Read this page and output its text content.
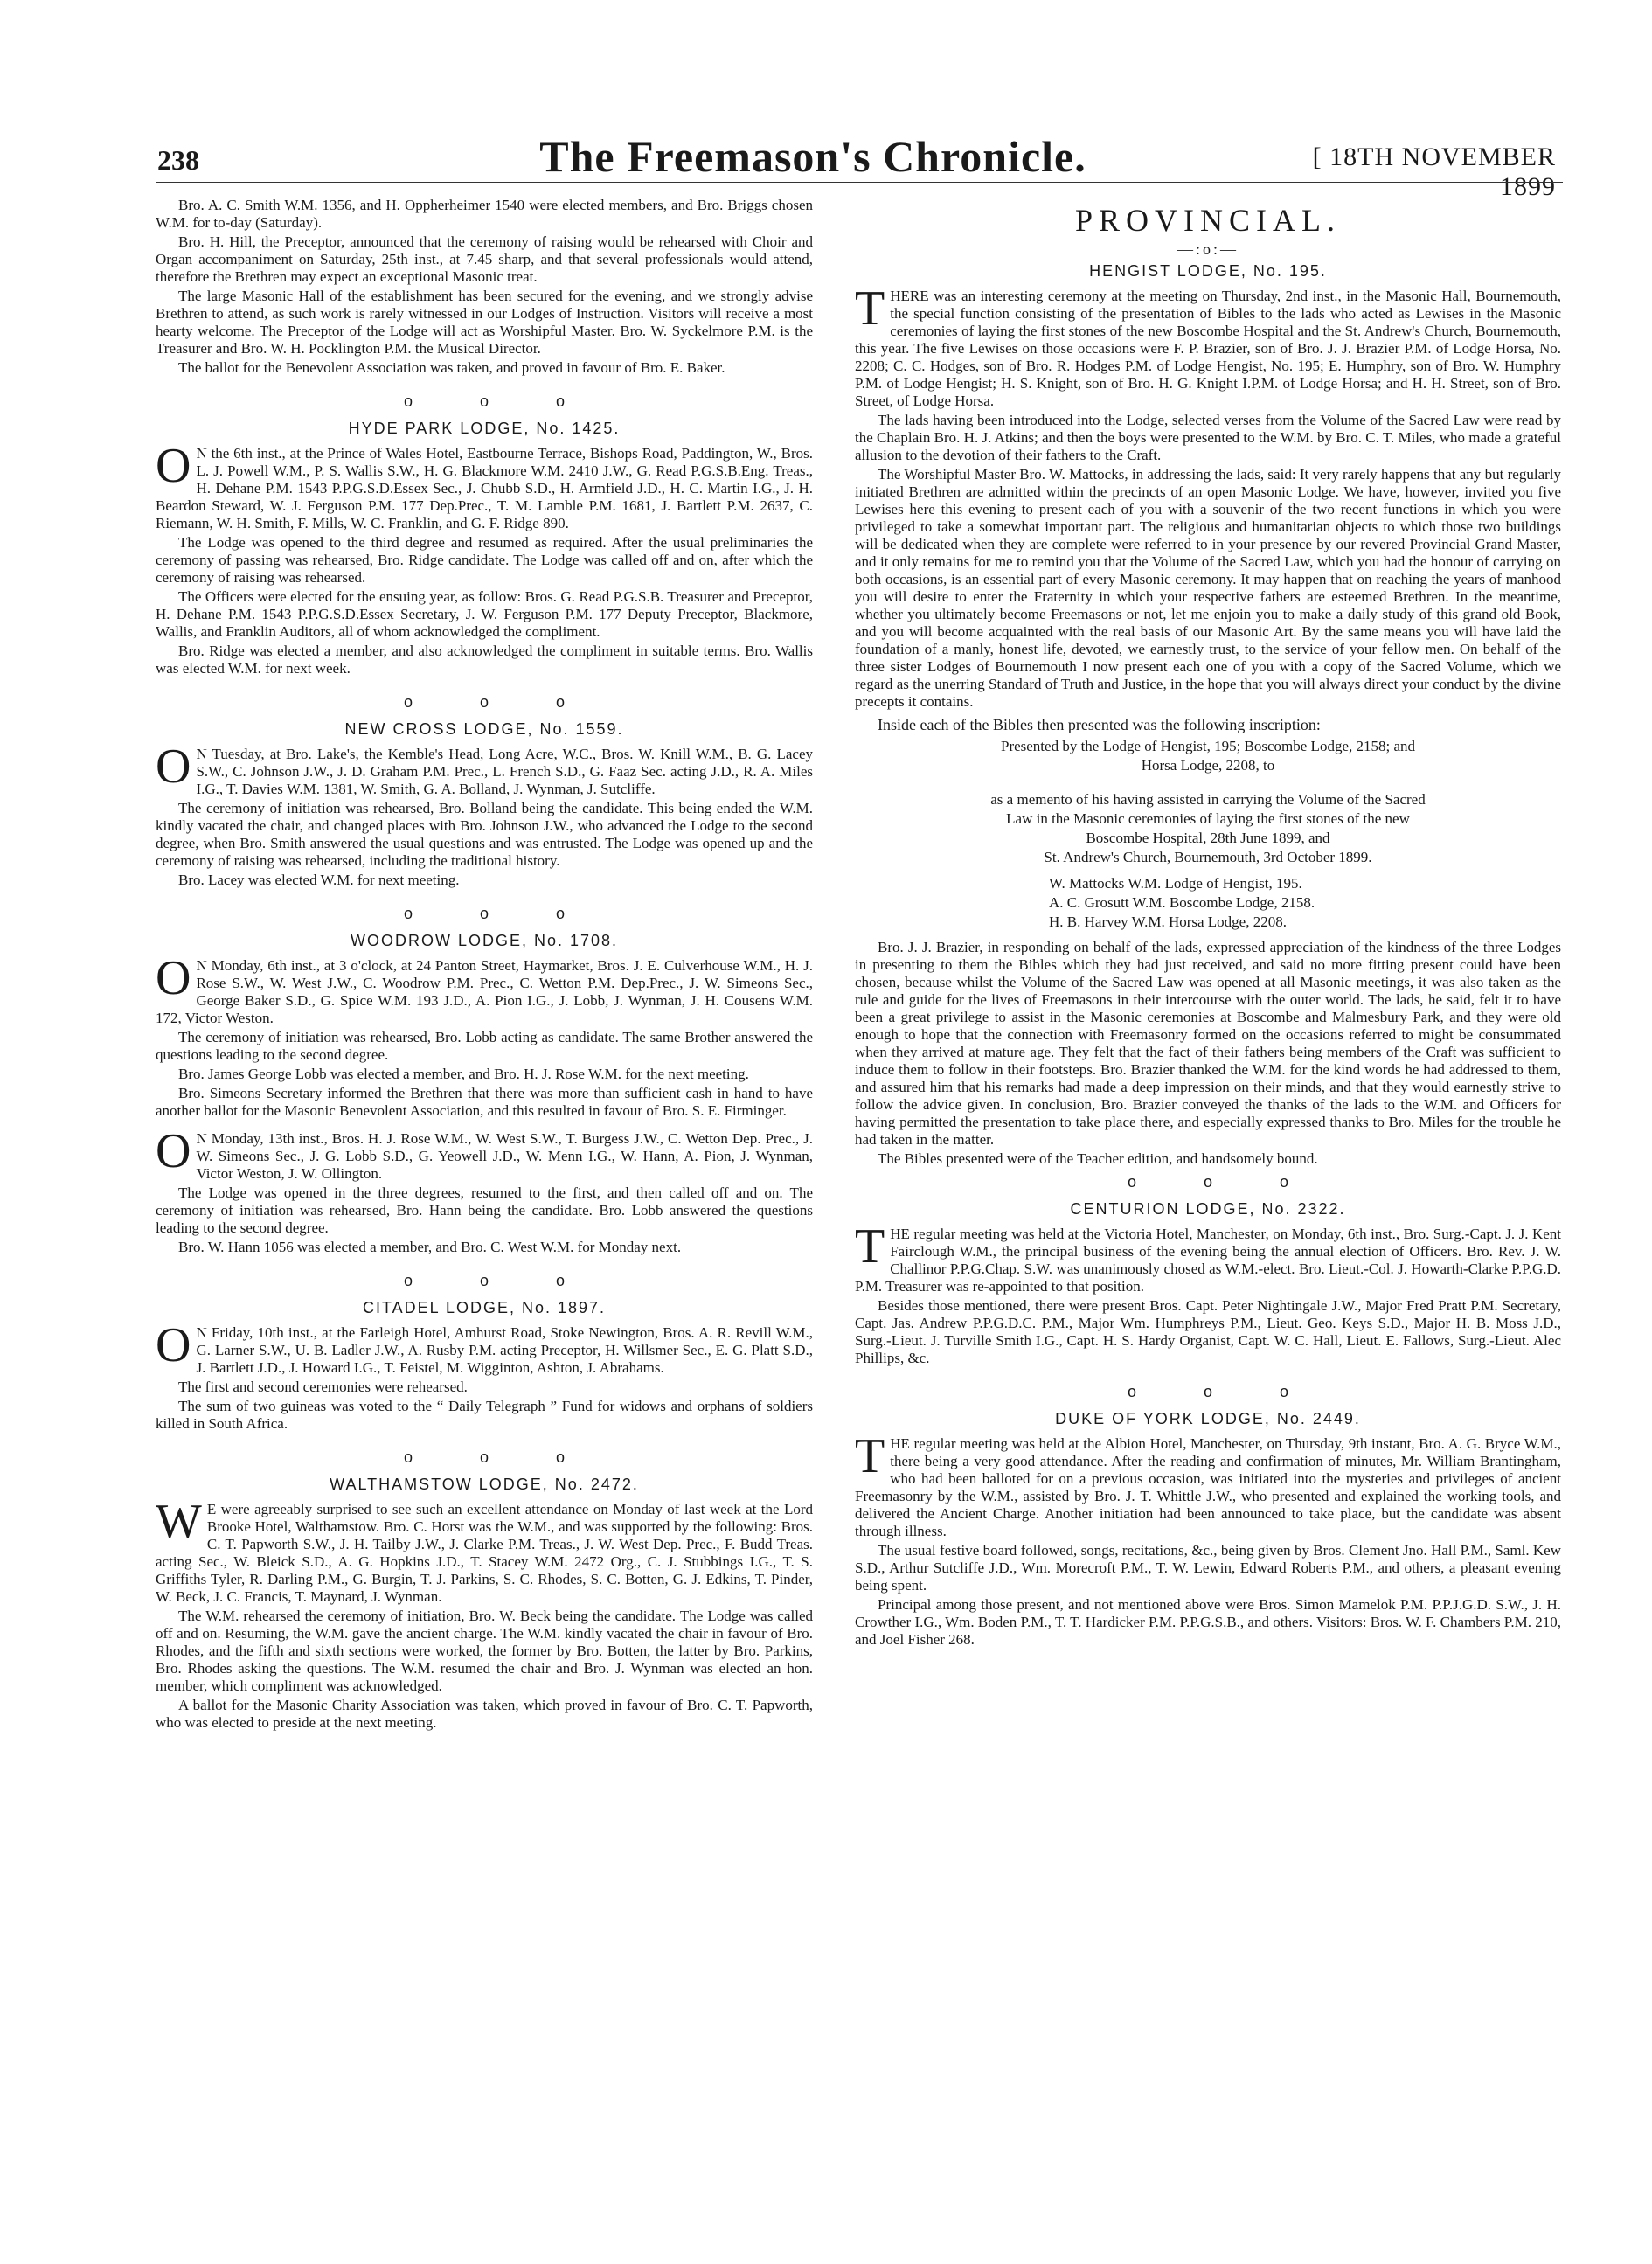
238	The Freemason's Chronicle.	[ 18TH NOVEMBER 1899

Bro. A. C. Smith W.M. 1356, and H. Oppherheimer 1540 were elected members, and Bro. Briggs chosen W.M. for to-day (Saturday).

Bro. H. Hill, the Preceptor, announced that the ceremony of raising would be rehearsed with Choir and Organ accompaniment on Saturday, 25th inst., at 7.45 sharp, and that several professionals would attend, therefore the Brethren may expect an exceptional Masonic treat.

The large Masonic Hall of the establishment has been secured for the evening, and we strongly advise Brethren to attend, as such work is rarely witnessed in our Lodges of Instruction. Visitors will receive a most hearty welcome. The Preceptor of the Lodge will act as Worshipful Master. Bro. W. Syckelmore P.M. is the Treasurer and Bro. W. H. Pocklington P.M. the Musical Director.

The ballot for the Benevolent Association was taken, and proved in favour of Bro. E. Baker.

o o o
HYDE PARK LODGE, No. 1425.

O N the 6th inst., at the Prince of Wales Hotel, Eastbourne Terrace, Bishops Road, Paddington, W., Bros. L. J. Powell W.M., P. S. Wallis S.W., H. G. Blackmore W.M. 2410 J.W., G. Read P.G.S.B.Eng. Treas., H. Dehane P.M. 1543 P.P.G.S.D.Essex Sec., J. Chubb S.D., H. Armfield J.D., H. C. Martin I.G., J. H. Beardon Steward, W. J. Ferguson P.M. 177 Dep.Prec., T. M. Lamble P.M. 1681, J. Bartlett P.M. 2637, C. Riemann, W. H. Smith, F. Mills, W. C. Franklin, and G. F. Ridge 890.

The Lodge was opened to the third degree and resumed as required. After the usual preliminaries the ceremony of passing was rehearsed, Bro. Ridge candidate. The Lodge was called off and on, after which the ceremony of raising was rehearsed.

The Officers were elected for the ensuing year, as follow: Bros. G. Read P.G.S.B. Treasurer and Preceptor, H. Dehane P.M. 1543 P.P.G.S.D.Essex Secretary, J. W. Ferguson P.M. 177 Deputy Preceptor, Blackmore, Wallis, and Franklin Auditors, all of whom acknowledged the compliment.

Bro. Ridge was elected a member, and also acknowledged the compliment in suitable terms. Bro. Wallis was elected W.M. for next week.

o o o
NEW CROSS LODGE, No. 1559.

O N Tuesday, at Bro. Lake's, the Kemble's Head, Long Acre, W.C., Bros. W. Knill W.M., B. G. Lacey S.W., C. Johnson J.W., J. D. Graham P.M. Prec., L. French S.D., G. Faaz Sec. acting J.D., R. A. Miles I.G., T. Davies W.M. 1381, W. Smith, G. A. Bolland, J. Wynman, J. Sutcliffe.

The ceremony of initiation was rehearsed, Bro. Bolland being the candidate. This being ended the W.M. kindly vacated the chair, and changed places with Bro. Johnson J.W., who advanced the Lodge to the second degree, when Bro. Smith answered the usual questions and was entrusted. The Lodge was opened up and the ceremony of raising was rehearsed, including the traditional history.

Bro. Lacey was elected W.M. for next meeting.

o o o
WOODROW LODGE, No. 1708.

O N Monday, 6th inst., at 3 o'clock, at 24 Panton Street, Haymarket, Bros. J. E. Culverhouse W.M., H. J. Rose S.W., W. West J.W., C. Woodrow P.M. Prec., C. Wetton P.M. Dep.Prec., J. W. Simeons Sec., George Baker S.D., G. Spice W.M. 193 J.D., A. Pion I.G., J. Lobb, J. Wynman, J. H. Cousens W.M. 172, Victor Weston.

The ceremony of initiation was rehearsed, Bro. Lobb acting as candidate. The same Brother answered the questions leading to the second degree.

Bro. James George Lobb was elected a member, and Bro. H. J. Rose W.M. for the next meeting.

Bro. Simeons Secretary informed the Brethren that there was more than sufficient cash in hand to have another ballot for the Masonic Benevolent Association, and this resulted in favour of Bro. S. E. Firminger.

O N Monday, 13th inst., Bros. H. J. Rose W.M., W. West S.W., T. Burgess J.W., C. Wetton Dep. Prec., J. W. Simeons Sec., J. G. Lobb S.D., G. Yeowell J.D., W. Menn I.G., W. Hann, A. Pion, J. Wynman, Victor Weston, J. W. Ollington.

The Lodge was opened in the three degrees, resumed to the first, and then called off and on. The ceremony of initiation was rehearsed, Bro. Hann being the candidate. Bro. Lobb answered the questions leading to the second degree.

Bro. W. Hann 1056 was elected a member, and Bro. C. West W.M. for Monday next.

o o o
CITADEL LODGE, No. 1897.

O N Friday, 10th inst., at the Farleigh Hotel, Amhurst Road, Stoke Newington, Bros. A. R. Revill W.M., G. Larner S.W., U. B. Ladler J.W., A. Rusby P.M. acting Preceptor, H. Willsmer Sec., E. G. Platt S.D., J. Bartlett J.D., J. Howard I.G., T. Feistel, M. Wigginton, Ashton, J. Abrahams.

The first and second ceremonies were rehearsed.

The sum of two guineas was voted to the “ Daily Telegraph ” Fund for widows and orphans of soldiers killed in South Africa.

o o o
WALTHAMSTOW LODGE, No. 2472.

W E were agreeably surprised to see such an excellent attendance on Monday of last week at the Lord Brooke Hotel, Walthamstow. Bro. C. Horst was the W.M., and was supported by the following: Bros. C. T. Papworth S.W., J. H. Tailby J.W., J. Clarke P.M. Treas., J. W. West Dep. Prec., F. Budd Treas. acting Sec., W. Bleick S.D., A. G. Hopkins J.D., T. Stacey W.M. 2472 Org., C. J. Stubbings I.G., T. S. Griffiths Tyler, R. Darling P.M., G. Burgin, T. J. Parkins, S. C. Rhodes, S. C. Botten, G. J. Edkins, T. Pinder, W. Beck, J. C. Francis, T. Maynard, J. Wynman.

The W.M. rehearsed the ceremony of initiation, Bro. W. Beck being the candidate. The Lodge was called off and on. Resuming, the W.M. gave the ancient charge. The W.M. kindly vacated the chair in favour of Bro. Rhodes, and the fifth and sixth sections were worked, the former by Bro. Botten, the latter by Bro. Parkins, Bro. Rhodes asking the questions. The W.M. resumed the chair and Bro. J. Wynman was elected an hon. member, which compliment was acknowledged.

A ballot for the Masonic Charity Association was taken, which proved in favour of Bro. C. T. Papworth, who was elected to preside at the next meeting.

PROVINCIAL.
—:o:—
HENGIST LODGE, No. 195.

THERE was an interesting ceremony at the meeting on Thursday, 2nd inst., in the Masonic Hall, Bournemouth, the special function consisting of the presentation of Bibles to the lads who acted as Lewises in the Masonic ceremonies of laying the first stones of the new Boscombe Hospital and the St. Andrew's Church, Bournemouth, this year. The five Lewises on those occasions were F. P. Brazier, son of Bro. J. J. Brazier P.M. of Lodge Horsa, No. 2208; C. C. Hodges, son of Bro. R. Hodges P.M. of Lodge Hengist, No. 195; E. Humphry, son of Bro. W. Humphry P.M. of Lodge Hengist; H. S. Knight, son of Bro. H. G. Knight I.P.M. of Lodge Horsa; and H. H. Street, son of Bro. Street, of Lodge Horsa.

The lads having been introduced into the Lodge, selected verses from the Volume of the Sacred Law were read by the Chaplain Bro. H. J. Atkins; and then the boys were presented to the W.M. by Bro. C. T. Miles, who made a grateful allusion to the devotion of their fathers to the Craft.

The Worshipful Master Bro. W. Mattocks, in addressing the lads, said: It very rarely happens that any but regularly initiated Brethren are admitted within the precincts of an open Masonic Lodge. We have, however, invited you five Lewises here this evening to present each of you with a souvenir of the two recent functions in which you were privileged to take a somewhat important part. The religious and humanitarian objects to which those two buildings will be dedicated when they are complete were referred to in your presence by our revered Provincial Grand Master, and it only remains for me to remind you that the Volume of the Sacred Law, which you had the honour of carrying on both occasions, is an essential part of every Masonic ceremony. It may happen that on reaching the years of manhood you will desire to enter the Fraternity in which your respective fathers are esteemed Brethren. In the meantime, whether you ultimately become Freemasons or not, let me enjoin you to make a daily study of this grand old Book, and you will become acquainted with the real basis of our Masonic Art. By the same means you will have laid the foundation of a manly, honest life, devoted, we earnestly trust, to the service of your fellow men. On behalf of the three sister Lodges of Bournemouth I now present each one of you with a copy of the Sacred Volume, which we regard as the unerring Standard of Truth and Justice, in the hope that you will always direct your conduct by the divine precepts it contains.

Inside each of the Bibles then presented was the following inscription:—

Presented by the Lodge of Hengist, 195; Boscombe Lodge, 2158; and

Horsa Lodge, 2208, to

as a memento of his having assisted in carrying the Volume of the Sacred

Law in the Masonic ceremonies of laying the first stones of the new

Boscombe Hospital, 28th June 1899, and

St. Andrew's Church, Bournemouth, 3rd October 1899.

W. Mattocks W.M. Lodge of Hengist, 195.

A. C. Grosutt W.M. Boscombe Lodge, 2158.

H. B. Harvey W.M. Horsa Lodge, 2208.

Bro. J. J. Brazier, in responding on behalf of the lads, expressed appreciation of the kindness of the three Lodges in presenting to them the Bibles which they had just received, and said no more fitting present could have been chosen, because whilst the Volume of the Sacred Law was opened at all Masonic meetings, it was also taken as the rule and guide for the lives of Freemasons in their intercourse with the outer world. The lads, he said, felt it to have been a great privilege to assist in the Masonic ceremonies at Boscombe and Malmesbury Park, and they were old enough to hope that the connection with Freemasonry formed on the occasions referred to might be consummated when they arrived at mature age. They felt that the fact of their fathers being members of the Craft was sufficient to induce them to follow in their footsteps. Bro. Brazier thanked the W.M. for the kind words he had addressed to them, and assured him that his remarks had made a deep impression on their minds, and that they would earnestly strive to follow the advice given. In conclusion, Bro. Brazier conveyed the thanks of the lads to the W.M. and Officers for having permitted the presentation to take place there, and especially expressed thanks to Bro. Miles for the trouble he had taken in the matter.

The Bibles presented were of the Teacher edition, and handsomely bound.

o o o
CENTURION LODGE, No. 2322.

THE regular meeting was held at the Victoria Hotel, Manchester, on Monday, 6th inst., Bro. Surg.-Capt. J. J. Kent Fairclough W.M., the principal business of the evening being the annual election of Officers. Bro. Rev. J. W. Challinor P.P.G.Chap. S.W. was unanimously chosed as W.M.-elect. Bro. Lieut.-Col. J. Howarth-Clarke P.P.G.D. P.M. Treasurer was re-appointed to that position.

Besides those mentioned, there were present Bros. Capt. Peter Nightingale J.W., Major Fred Pratt P.M. Secretary, Capt. Jas. Andrew P.P.G.D.C. P.M., Major Wm. Humphreys P.M., Lieut. Geo. Keys S.D., Major H. B. Moss J.D., Surg.-Lieut. J. Turville Smith I.G., Capt. H. S. Hardy Organist, Capt. W. C. Hall, Lieut. E. Fallows, Surg.-Lieut. Alec Phillips, &c.

o o o
DUKE OF YORK LODGE, No. 2449.

THE regular meeting was held at the Albion Hotel, Manchester, on Thursday, 9th instant, Bro. A. G. Bryce W.M., there being a very good attendance. After the reading and confirmation of minutes, Mr. William Brantingham, who had been balloted for on a previous occasion, was initiated into the mysteries and privileges of ancient Freemasonry by the W.M., assisted by Bro. J. T. Whittle J.W., who presented and explained the working tools, and delivered the Ancient Charge. Another initiation had been announced to take place, but the candidate was absent through illness.

The usual festive board followed, songs, recitations, &c., being given by Bros. Clement Jno. Hall P.M., Saml. Kew S.D., Arthur Sutcliffe J.D., Wm. Morecroft P.M., T. W. Lewin, Edward Roberts P.M., and others, a pleasant evening being spent.

Principal among those present, and not mentioned above were Bros. Simon Mamelok P.M. P.P.J.G.D. S.W., J. H. Crowther I.G., Wm. Boden P.M., T. T. Hardicker P.M. P.P.G.S.B., and others. Visitors: Bros. W. F. Chambers P.M. 210, and Joel Fisher 268.
